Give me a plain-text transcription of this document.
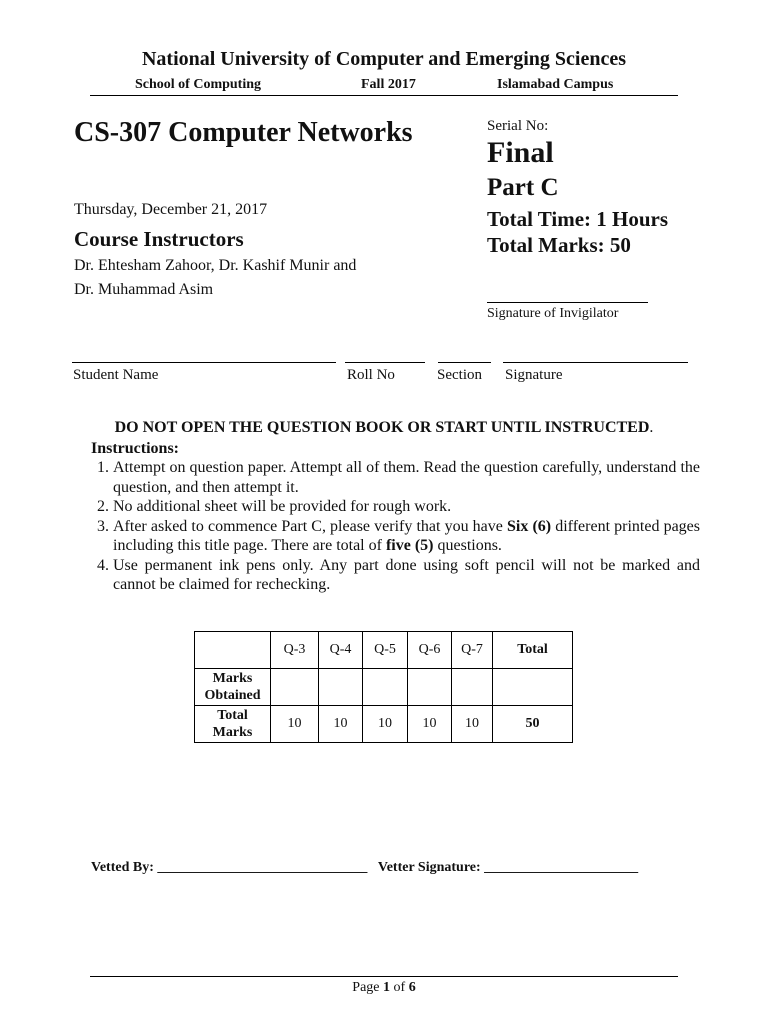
National University of Computer and Emerging Sciences
School of Computing	Fall 2017	Islamabad Campus
CS-307 Computer Networks	Serial No:
Final
Part C
Total Time: 1 Hours
Total Marks: 50
Thursday, December 21, 2017
Course Instructors
Dr. Ehtesham Zahoor, Dr. Kashif Munir and
Dr. Muhammad Asim
Signature of Invigilator
Student Name	Roll No	Section Signature
DO NOT OPEN THE QUESTION BOOK OR START UNTIL INSTRUCTED.
Instructions:
1. Attempt on question paper. Attempt all of them. Read the question carefully, understand the question, and then attempt it.
2. No additional sheet will be provided for rough work.
3. After asked to commence Part C, please verify that you have Six (6) different printed pages including this title page. There are total of five (5) questions.
4. Use permanent ink pens only. Any part done using soft pencil will not be marked and cannot be claimed for rechecking.
	Q-3	Q-4	Q-5	Q-6	Q-7	Total
Marks
Obtained						
Total
Marks	10	10	10	10	10	50
Vetted By: ______________________________ Vetter Signature: ______________________
Page 1 of 6
